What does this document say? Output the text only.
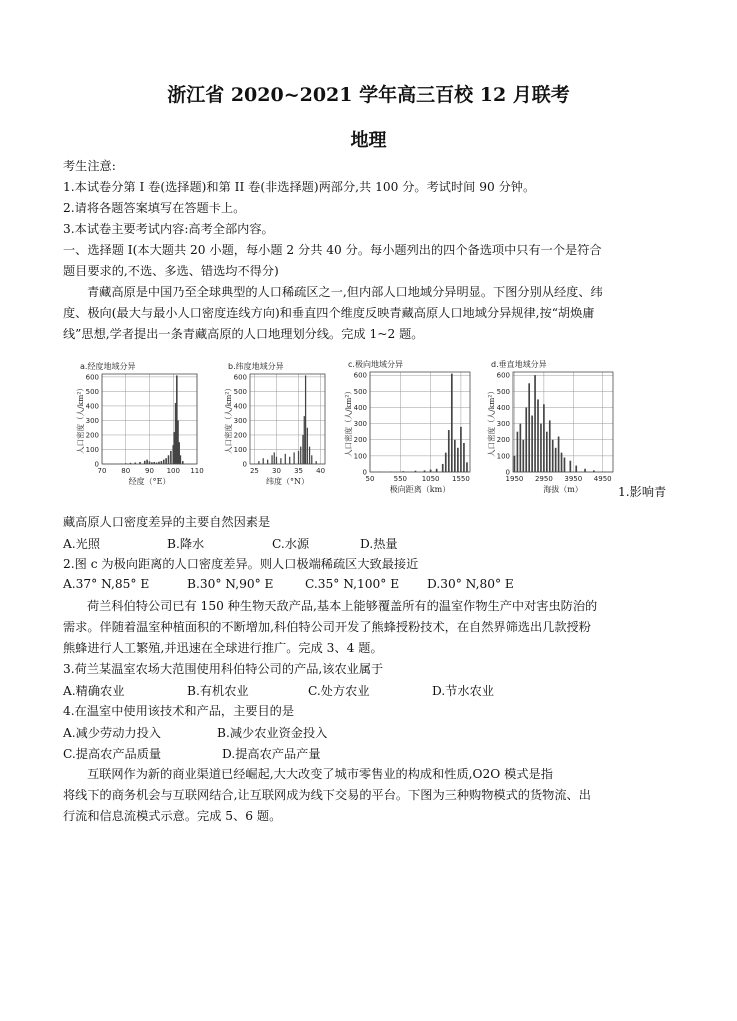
浙江省 2020~2021 学年高三百校 12 月联考
地理
考生注意:
1.本试卷分第 I 卷(选择题)和第 II 卷(非选择题)两部分,共 100 分。考试时间 90 分钟。
2.请将各题答案填写在答题卡上。
3.本试卷主要考试内容:高考全部内容。
一、选择题 I(本大题共 20 小题，每小题 2 分共 40 分。每小题列出的四个备选项中只有一个是符合
题目要求的,不选、多选、错选均不得分)
青藏高原是中国乃至全球典型的人口稀疏区之一,但内部人口地域分异明显。下图分别从经度、纬
度、极向(最大与最小人口密度连线方向)和垂直四个维度反映青藏高原人口地域分异规律,按“胡焕庸
线”思想,学者提出一条青藏高原的人口地理划分线。完成 1~2 题。
a.经度地域分异
0
100
200
300
400
500
600
70 80 90 100 110
人口密度（人/km²）
经度（°E）
b.纬度地域分异
0
100
200
300
400
500
600
25 30 35 40
人口密度（人/km²）
纬度（°N）
c.极向地域分异
0
100
200
300
400
500
600
50	550 1050 1550
人口密度（人/km²）
极向距离（km）
d.垂直地域分异
0
100
200
300
400
500
600
1950 2950 3950 4950
人口密度（人/km²）
海拔（m）	1.影响青
藏高原人口密度差异的主要自然因素是
A.光照	B.降水	C.水源	D.热量
2.图 c 为极向距离的人口密度差异。则人口极端稀疏区大致最接近
A.37° N,85° E	B.30° N,90° E	C.35° N,100° E D.30° N,80° E
荷兰科伯特公司已有 150 种生物天敌产品,基本上能够覆盖所有的温室作物生产中对害虫防治的
需求。伴随着温室种植面积的不断增加,科伯特公司开发了熊蜂授粉技术，在自然界筛选出几款授粉
熊蜂进行人工繁殖,并迅速在全球进行推广。完成 3、4 题。
3.荷兰某温室农场大范围使用科伯特公司的产品,该农业属于
A.精确农业	B.有机农业	C.处方农业	D.节水农业
4.在温室中使用该技术和产品，主要目的是
A.减少劳动力投入	B.减少农业资金投入
C.提高农产品质量	D.提高农产品产量
互联网作为新的商业渠道已经崛起,大大改变了城市零售业的构成和性质,O2O 模式是指
将线下的商务机会与互联网结合,让互联网成为线下交易的平台。下图为三种购物模式的货物流、出
行流和信息流模式示意。完成 5、6 题。
